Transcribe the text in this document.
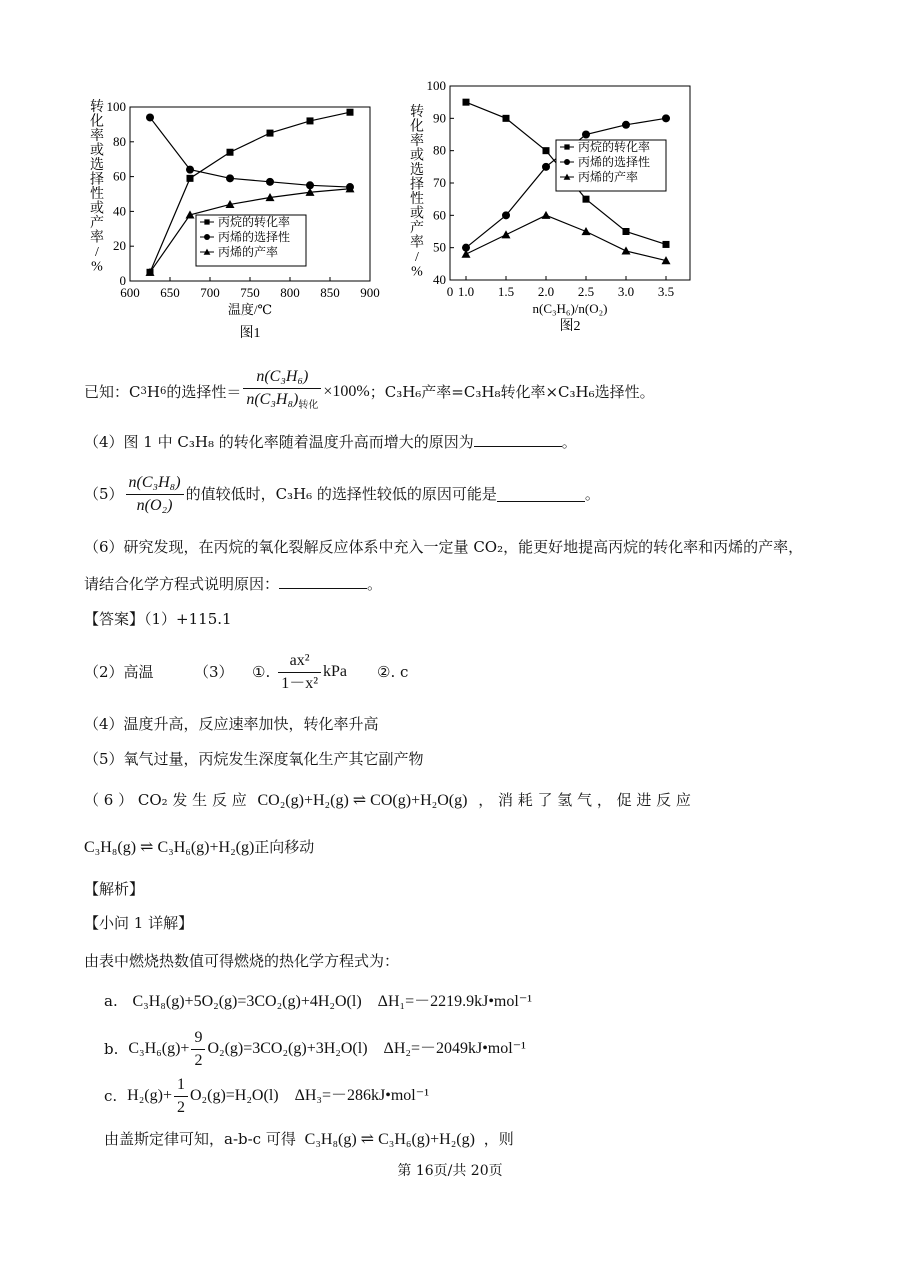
600 650 700 750 800 850 900
0
20
40
60
80
100
转
化
率
或
选
择
性
或
产
率
/
%
温度/℃
图1
丙烷的转化率
丙烯的选择性
丙烯的产率
0 1.0 1.5 2.0 2.5 3.0 3.5
40
50
60
70
80
90
100
转
化
率
或
选
择
性
或
产
率
/
%
n(C₃H₆)/n(O₂)
图2
丙烷的转化率
丙烯的选择性
丙烯的产率
已知：C 3 H 6 的选择性＝ $\frac{\text{n(C₃H₆)}}{n(C_3H_8)_{转化}} \times 100\%$ ；C₃H₆产率=C₃H₈转化率×C₃H₆选择性。
（4）图 1 中 C₃H₈ 的转化率随着温度升高而增大的原因为	。
$(5) \frac{\text{n(C₃H₈)}}{\text{n(O₂)}}$ 的值较低时，C₃H₆ 的选择性较低的原因可能是	。
（6）研究发现，在丙烷的氧化裂解反应体系中充入一定量 CO₂，能更好地提高丙烷的转化率和丙烯的产率，
请结合化学方程式说明原因：	。
【答案】（1）+115.1
（2）高温	（3）	①. $\frac{\text{ax²}}{\text{1－x²}}$ kPa ②. c
（4）温度升高，反应速率加快，转化率升高
（5）氧气过量，丙烷发生深度氧化生产其它副产物
（ 6 ） CO₂ 发 生 反 应 CO₂(g)+H₂(g) ⇌ CO(g)+H₂O(g) ， 消 耗 了 氢 气 ， 促 进 反 应
C₃H₈(g) ⇌ C₃H₆(g)+H₂(g)正向移动
【解析】
【小问 1 详解】
由表中燃烧热数值可得燃烧的热化学方程式为：
a. C₃H₈(g)+5O₂(g)=3CO₂(g)+4H₂O(l)　ΔH₁=－2219.9kJ•mol⁻¹
b. $C_3H_6(g)+ \frac{9}{2} O_2(g)=3CO_2(g)+3H_2O(l)$　ΔH₂=－2049kJ•mol⁻¹
c. $H_2(g)+ \frac{1}{2} O_2(g)=H_2O(l)$　ΔH₃=－286kJ•mol⁻¹
由盖斯定律可知，a-b-c 可得 C₃H₈(g) ⇌ C₃H₆(g)+H₂(g) ，则
第 16页/共 20页
